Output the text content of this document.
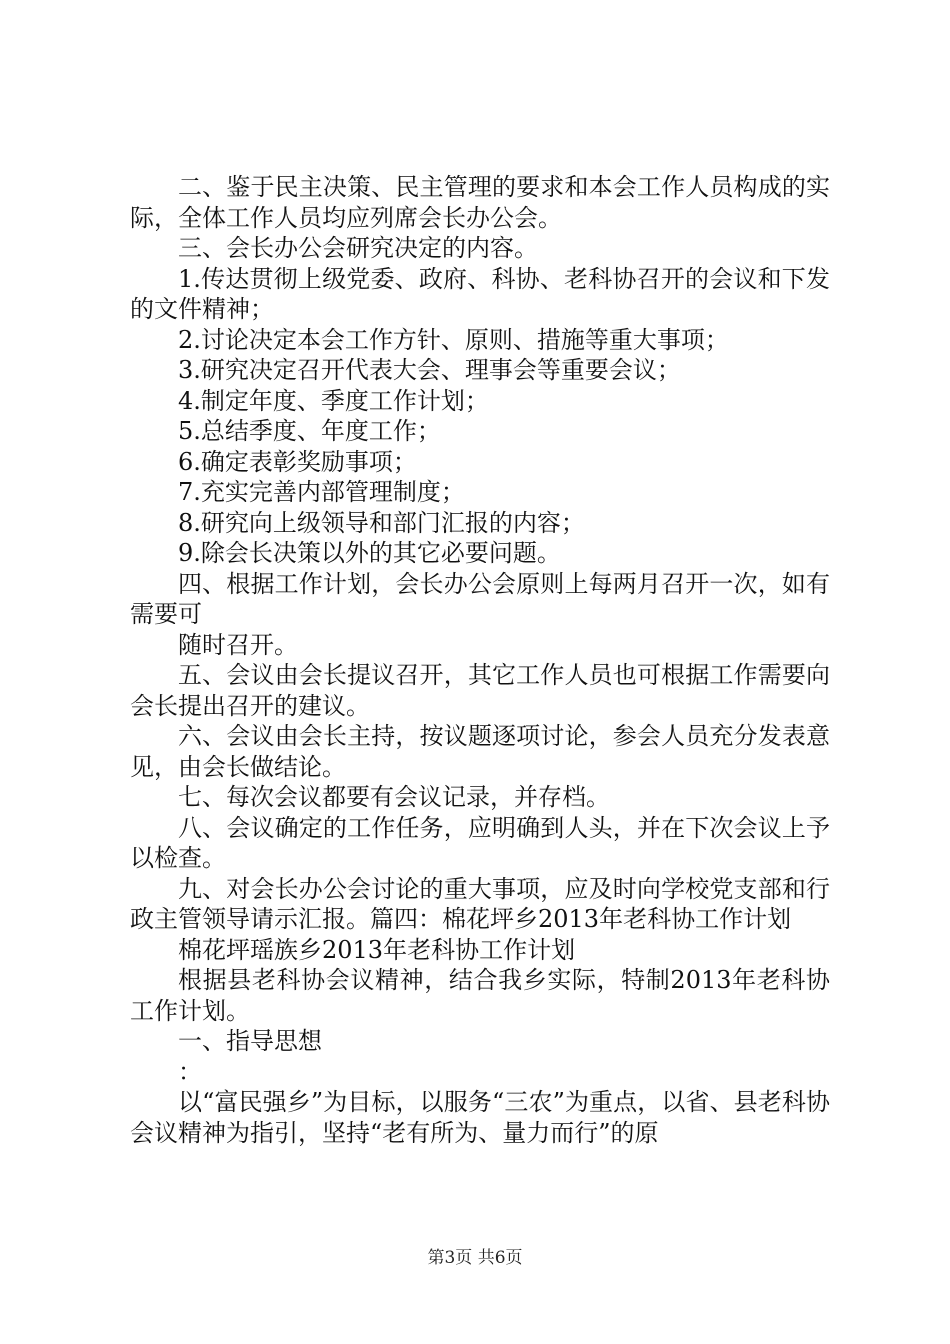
二、鉴于民主决策、民主管理的要求和本会工作人员构成的实际，全体工作人员均应列席会长办公会。

三、会长办公会研究决定的内容。

1.传达贯彻上级党委、政府、科协、老科协召开的会议和下发的文件精神；

2.讨论决定本会工作方针、原则、措施等重大事项；

3.研究决定召开代表大会、理事会等重要会议；

4.制定年度、季度工作计划；

5.总结季度、年度工作；

6.确定表彰奖励事项；

7.充实完善内部管理制度；

8.研究向上级领导和部门汇报的内容；

9.除会长决策以外的其它必要问题。

四、根据工作计划，会长办公会原则上每两月召开一次，如有需要可

随时召开。

五、会议由会长提议召开，其它工作人员也可根据工作需要向会长提出召开的建议。

六、会议由会长主持，按议题逐项讨论，参会人员充分发表意见，由会长做结论。

七、每次会议都要有会议记录，并存档。

八、会议确定的工作任务，应明确到人头，并在下次会议上予以检查。

九、对会长办公会讨论的重大事项，应及时向学校党支部和行政主管领导请示汇报。篇四：棉花坪乡2013年老科协工作计划

棉花坪瑶族乡2013年老科协工作计划

根据县老科协会议精神，结合我乡实际，特制2013年老科协工作计划。

一、指导思想

：

以“富民强乡”为目标，以服务“三农”为重点，以省、县老科协会议精神为指引，坚持“老有所为、量力而行”的原

第3页 共6页
